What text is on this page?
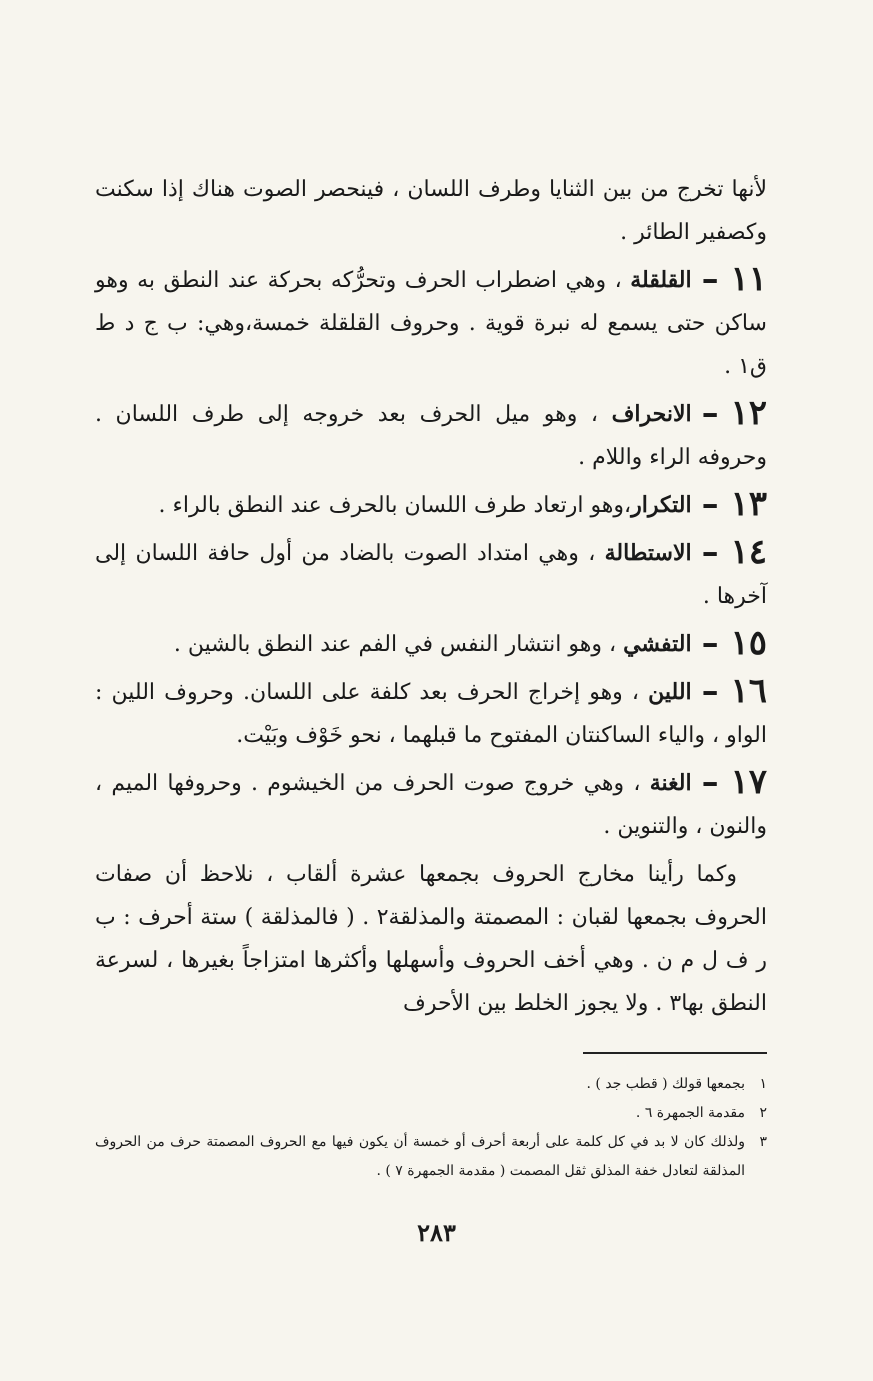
لأنها تخرج من بين الثنايا وطرف اللسان ، فينحصر الصوت هناك إذا سكنت وكصفير الطائر .

١١ –القلقلة ، وهي اضطراب الحرف وتحرُّكه بحركة عند النطق به وهو ساكن حتى يسمع له نبرة قوية . وحروف القلقلة خمسة،وهي: ب ج د ط ق١ .

١٢ –الانحراف ، وهو ميل الحرف بعد خروجه إلى طرف اللسان . وحروفه الراء واللام .

١٣ –التكرار،وهو ارتعاد طرف اللسان بالحرف عند النطق بالراء .

١٤ –الاستطالة ، وهي امتداد الصوت بالضاد من أول حافة اللسان إلى آخرها .

١٥ –التفشي ، وهو انتشار النفس في الفم عند النطق بالشين .

١٦ –اللين ، وهو إخراج الحرف بعد كلفة على اللسان. وحروف اللين : الواو ، والياء الساكنتان المفتوح ما قبلهما ، نحو خَوْف وبَيْت.

١٧ –الغنة ، وهي خروج صوت الحرف من الخيشوم . وحروفها الميم ، والنون ، والتنوين .

وكما رأينا مخارج الحروف بجمعها عشرة ألقاب ، نلاحظ أن صفات الحروف بجمعها لقبان : المصمتة والمذلقة٢ . ( فالمذلقة ) ستة أحرف : ب ر ف ل م ن . وهي أخف الحروف وأسهلها وأكثرها امتزاجاً بغيرها ، لسرعة النطق بها٣ . ولا يجوز الخلط بين الأحرف

١
بجمعها قولك ( قطب جد ) .

٢
مقدمة الجمهرة ٦ .

٣
ولذلك كان لا بد في كل كلمة على أربعة أحرف أو خمسة أن يكون فيها مع الحروف المصمتة حرف من الحروف المذلقة لتعادل خفة المذلق ثقل المصمت ( مقدمة الجمهرة ٧ ) .

٢٨٣
